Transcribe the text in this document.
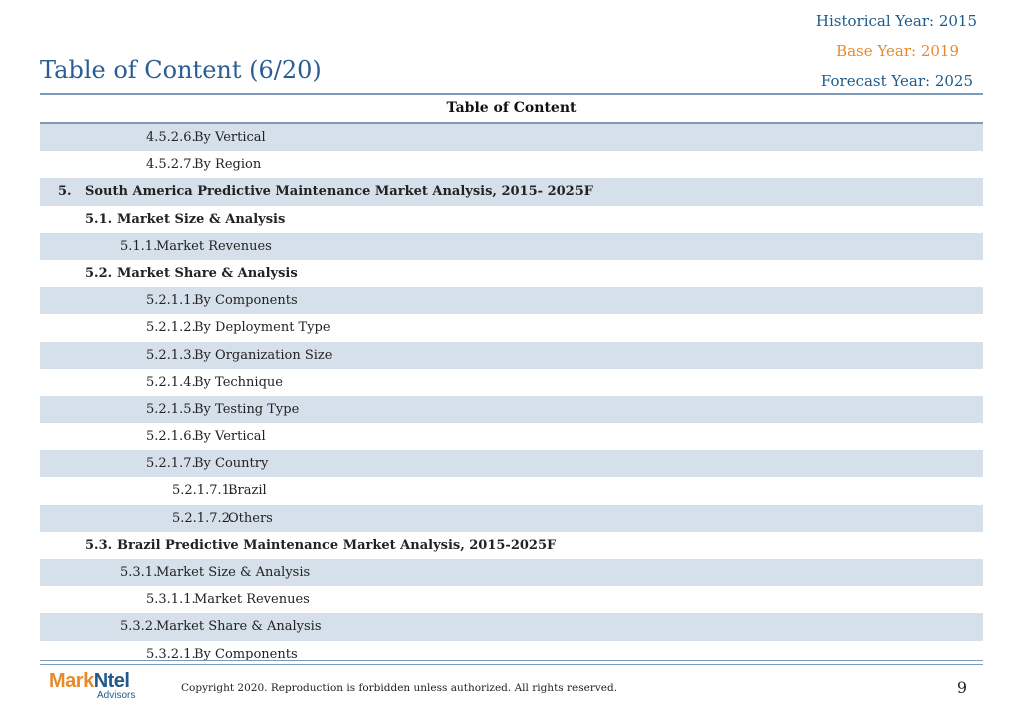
Historical Year: 2015
Base Year: 2019
Forecast Year: 2025
Table of Content (6/20)
Table of Content
4.5.2.6.
By Vertical
4.5.2.7.
By Region
5. South America Predictive Maintenance Market Analysis, 2015- 2025F
5.1. Market Size & Analysis
5.1.1.
Market Revenues
5.2. Market Share & Analysis
5.2.1.1.
By Components
5.2.1.2.
By Deployment Type
5.2.1.3.
By Organization Size
5.2.1.4.
By Technique
5.2.1.5.
By Testing Type
5.2.1.6.
By Vertical
5.2.1.7.
By Country
5.2.1.7.1.
Brazil
5.2.1.7.2.
Others
5.3. Brazil Predictive Maintenance Market Analysis, 2015-2025F
5.3.1.
Market Size & Analysis
5.3.1.1.
Market Revenues
5.3.2.
Market Share & Analysis
5.3.2.1.
By Components
MarkNtel
Advisors
Copyright 2020. Reproduction is forbidden unless authorized. All rights reserved.	9
